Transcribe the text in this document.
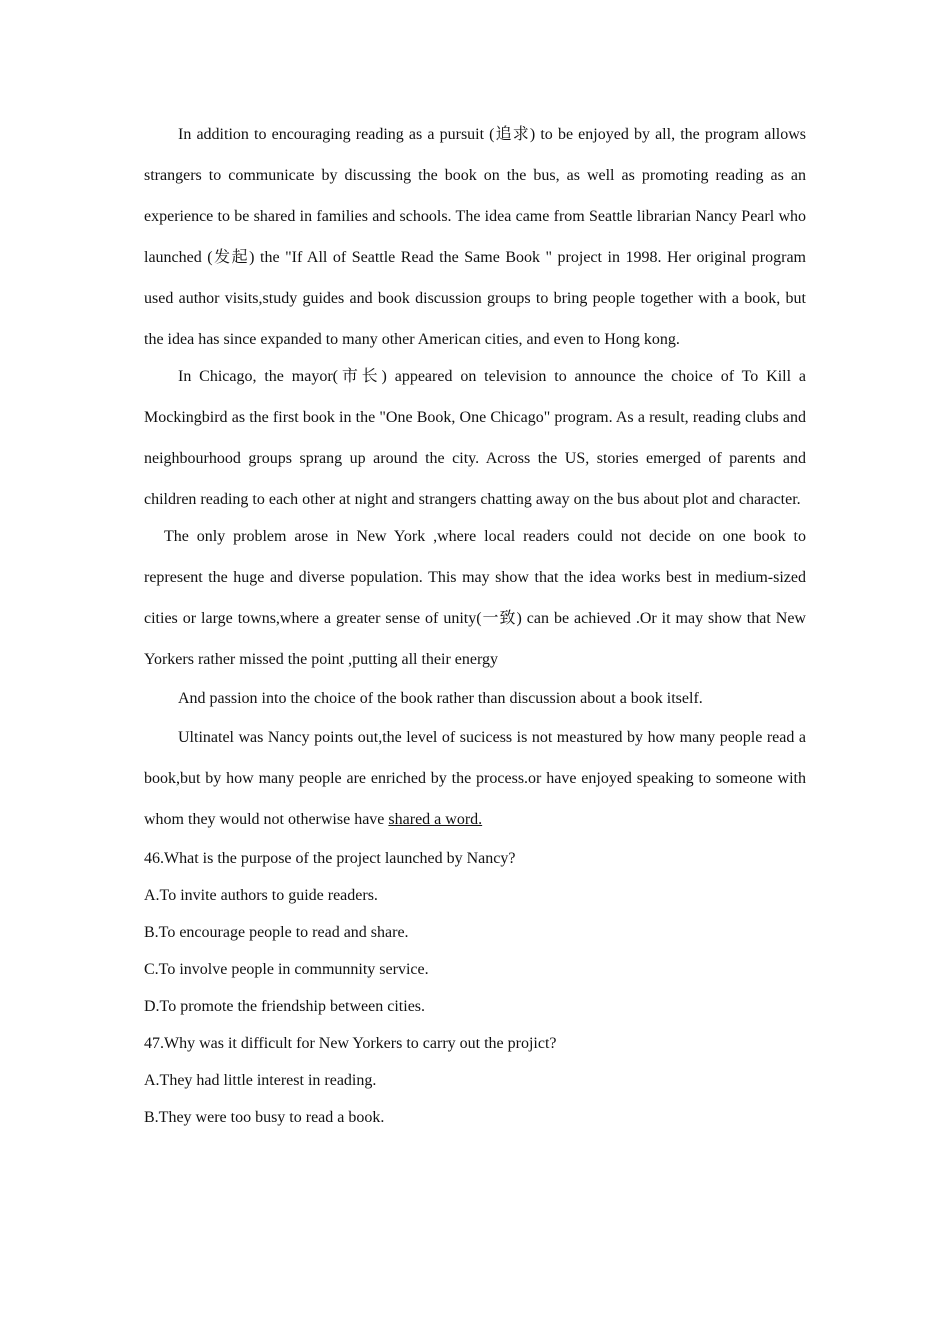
In addition to encouraging reading as a pursuit (追求) to be enjoyed by all, the program allows strangers to communicate by discussing the book on the bus, as well as promoting reading as an experience to be shared in families and schools. The idea came from Seattle librarian Nancy Pearl who launched (发起) the "If All of Seattle Read the Same Book " project in 1998. Her original program used author visits,study guides and book discussion groups to bring people together with a book, but the idea has since expanded to many other American cities, and even to Hong kong.

In Chicago, the mayor(市长) appeared on television to announce the choice of To Kill a Mockingbird as the first book in the "One Book, One Chicago" program. As a result, reading clubs and neighbourhood groups sprang up around the city. Across the US, stories emerged of parents and children reading to each other at night and strangers chatting away on the bus about plot and character.

The only problem arose in New York ,where local readers could not decide on one book to represent the huge and diverse population. This may show that the idea works best in medium-sized cities or large towns,where a greater sense of unity(一致) can be achieved .Or it may show that New Yorkers rather missed the point ,putting all their energy

And passion into the choice of the book rather than discussion about a book itself.

Ultinatel was Nancy points out,the level of sucicess is not meastured by how many people read a book,but by how many people are enriched by the process.or have enjoyed speaking to someone with whom they would not otherwise have shared a word.

46.What is the purpose of the project launched by Nancy?

A.To invite authors to guide readers.

B.To encourage people to read and share.

C.To involve people in communnity service.

D.To promote the friendship between cities.

47.Why was it difficult for New Yorkers to carry out the projict?

A.They had little interest in reading.

B.They were too busy to read a book.
